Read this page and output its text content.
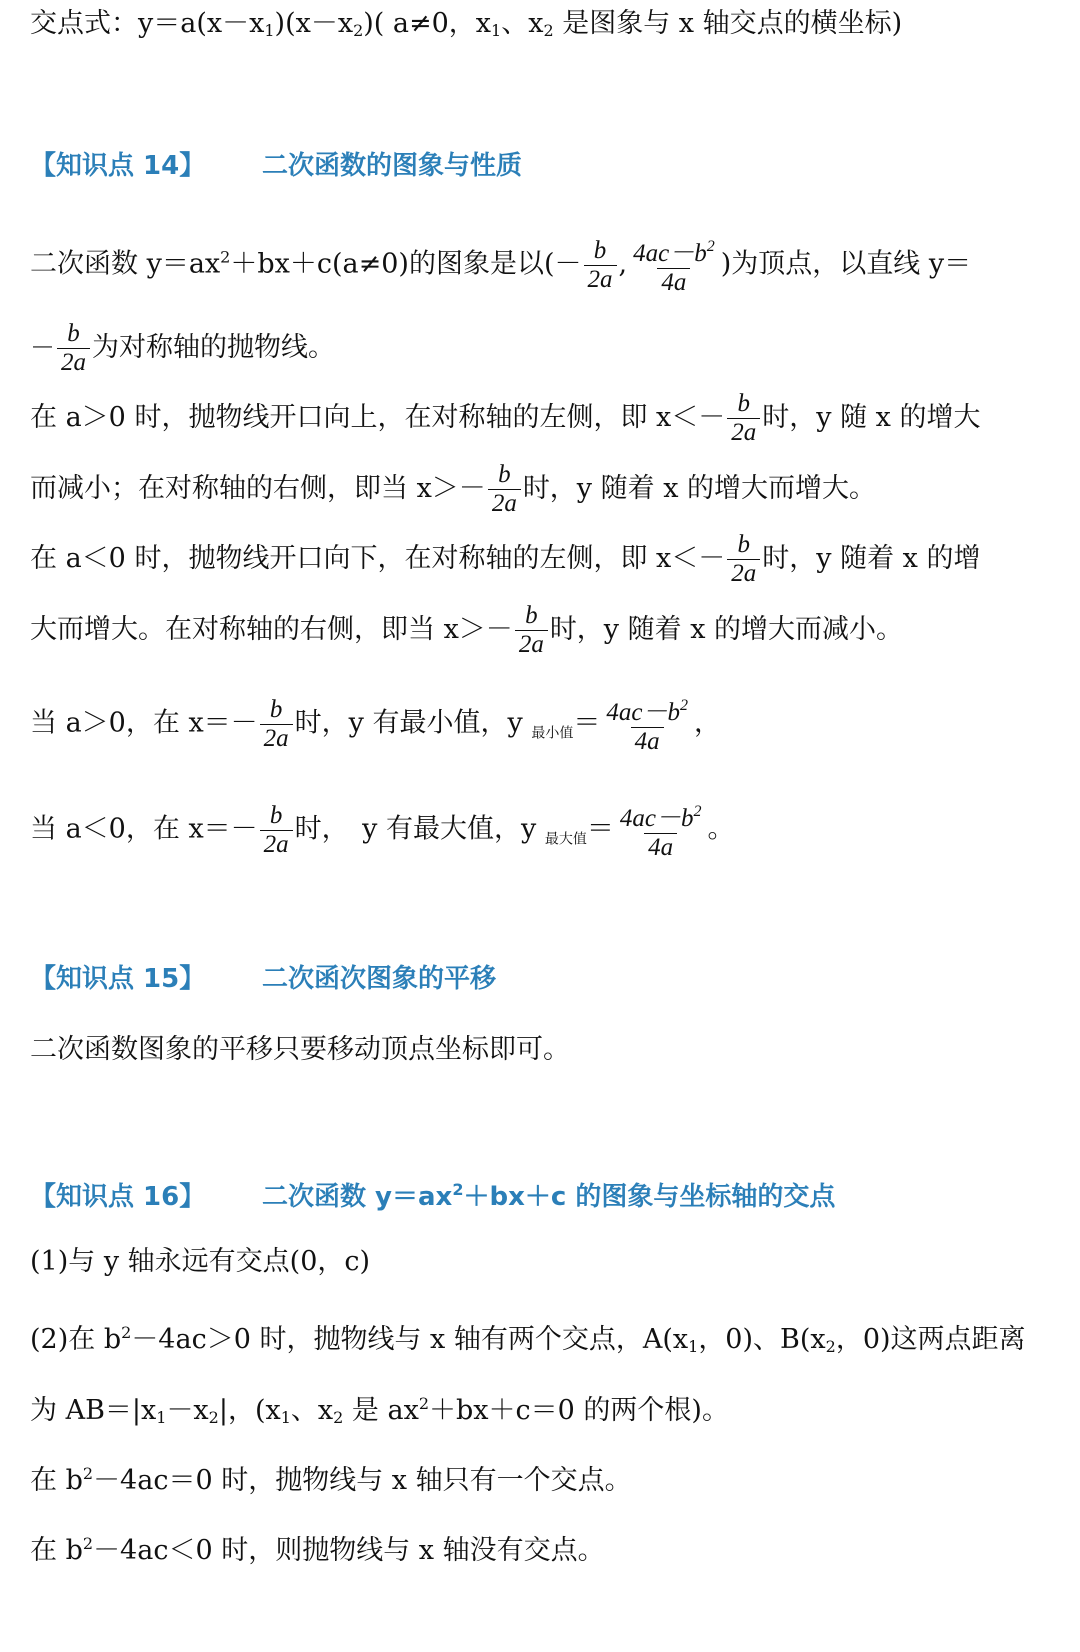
交点式：$y=a(x-x_1)(x-x_2)$( a≠0，$x_1$、$x_2$ 是图象与 x 轴交点的横坐标)
【知识点 14】 二次函数的图象与性质
二次函数 $y=ax^2+bx+c(a\ne 0)$的图象是以(－ $\frac{b}{2a}$ , $\frac{4ac-b^2}{4a}$ )为顶点，以直线 y＝
－ $\frac{b}{2a}$ 为对称轴的抛物线。
在 a＞0 时，抛物线开口向上，在对称轴的左侧，即 $x<- \frac{b}{2a}$ 时，y 随 x 的增大
而减小；在对称轴的右侧，即当 $x>- \frac{b}{2a}$ 时，y 随着 x 的增大而增大。
在 a＜0 时，抛物线开口向下，在对称轴的左侧，即 $x<- \frac{b}{2a}$ 时，y 随着 x 的增
大而增大。在对称轴的右侧，即当 $x>- \frac{b}{2a}$ 时，y 随着 x 的增大而减小。
当 a＞0，在 $x=- \frac{b}{2a}$ 时，y 有最小值，y $_{最小值}= \frac{4ac-b^2}{4a}$ ，
当 a＜0，在 $x=- \frac{b}{2a}$ 时，　y 有最大值，y $_{最大值}= \frac{4ac-b^2}{4a}$ 。
【知识点 15】 二次函次图象的平移
二次函数图象的平移只要移动顶点坐标即可。
【知识点 16】 二次函数 $y=ax^2+bx+c$ 的图象与坐标轴的交点
(1)与 y 轴永远有交点(0，c)
(2)在 $b^2-4ac>0$ 时，抛物线与 x 轴有两个交点，$A(x_1$，0)、$B(x_2$，0)这两点距离
为 $AB=|x_1-x_2|$，($x_1$、$x_2$ 是 $ax^2+bx+c=0$ 的两个根)。
在 $b^2-4ac=0$ 时，抛物线与 x 轴只有一个交点。
在 $b^2-4ac<0$ 时，则抛物线与 x 轴没有交点。
